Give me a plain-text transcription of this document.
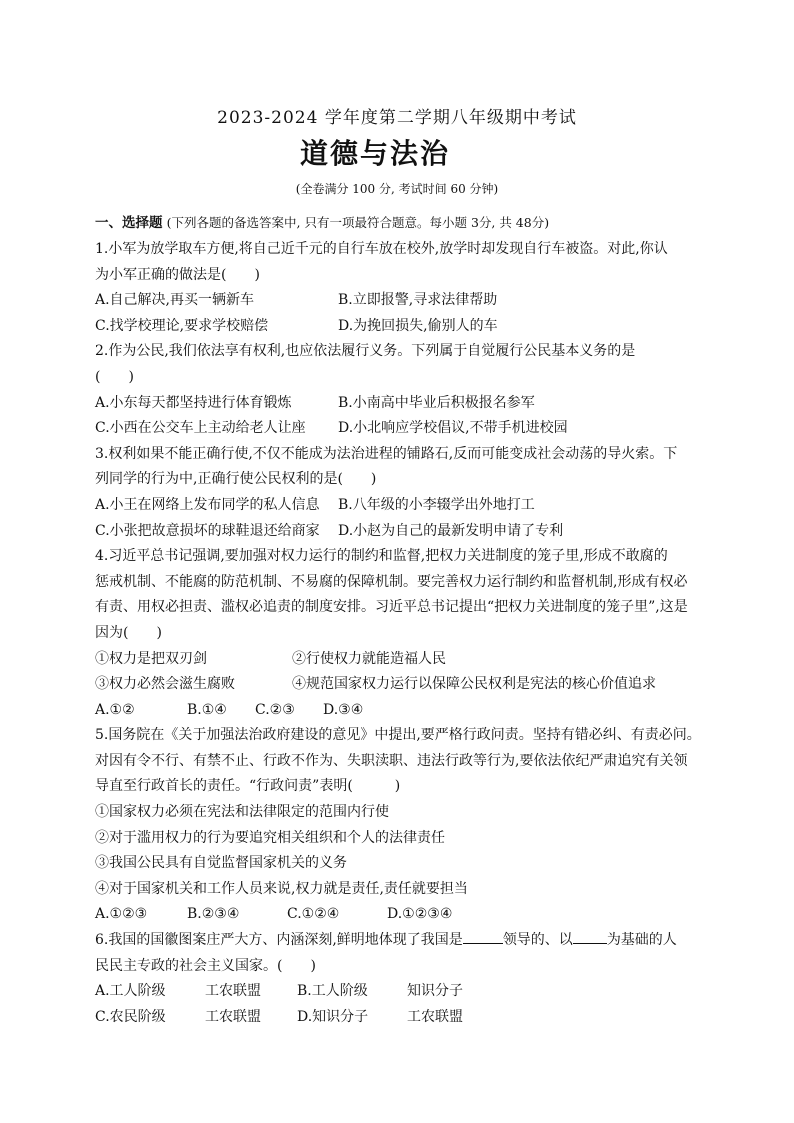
2023-2024 学年度第二学期八年级期中考试
道德与法治
(全卷满分 100 分, 考试时间 60 分钟)
一、选择题 (下列各题的备选答案中, 只有一项最符合题意。每小题 3分, 共 48分)
1.小军为放学取车方便,将自己近千元的自行车放在校外,放学时却发现自行车被盗。对此,你认
为小军正确的做法是(　　)
A.自己解决,再买一辆新车	B.立即报警,寻求法律帮助
C.找学校理论,要求学校赔偿	D.为挽回损失,偷别人的车
2.作为公民,我们依法享有权利,也应依法履行义务。下列属于自觉履行公民基本义务的是
(　　)
A.小东每天都坚持进行体育锻炼	B.小南高中毕业后积极报名参军
C.小西在公交车上主动给老人让座 D.小北响应学校倡议,不带手机进校园
3.权利如果不能正确行使,不仅不能成为法治进程的铺路石,反而可能变成社会动荡的导火索。下
列同学的行为中,正确行使公民权利的是(　　)
A.小王在网络上发布同学的私人信息 B.八年级的小李辍学出外地打工
C.小张把故意损坏的球鞋退还给商家 D.小赵为自己的最新发明申请了专利
4.习近平总书记强调,要加强对权力运行的制约和监督,把权力关进制度的笼子里,形成不敢腐的
惩戒机制、不能腐的防范机制、不易腐的保障机制。要完善权力运行制约和监督机制,形成有权必
有责、用权必担责、滥权必追责的制度安排。习近平总书记提出“把权力关进制度的笼子里”,这是
因为(　　)
①权力是把双刃剑	②行使权力就能造福人民
③权力必然会滋生腐败	④规范国家权力运行以保障公民权利是宪法的核心价值追求
A.①②	B.①④ C.②③ D.③④
5.国务院在《关于加强法治政府建设的意见》中提出,要严格行政问责。坚持有错必纠、有责必问。
对因有令不行、有禁不止、行政不作为、失职渎职、违法行政等行为,要依法依纪严肃追究有关领
导直至行政首长的责任。“行政问责”表明(　　　)
①国家权力必须在宪法和法律限定的范围内行使
②对于滥用权力的行为要追究相关组织和个人的法律责任
③我国公民具有自觉监督国家机关的义务
④对于国家机关和工作人员来说,权力就是责任,责任就要担当
A.①②③	B.②③④	C.①②④	D.①②③④
6.我国的国徽图案庄严大方、内涵深刻,鲜明地体现了我国是	领导的、以 为基础的人
民民主专政的社会主义国家。(　　)
A.工人阶级	工农联盟	B.工人阶级	知识分子
C.农民阶级	工农联盟	D.知识分子	工农联盟
